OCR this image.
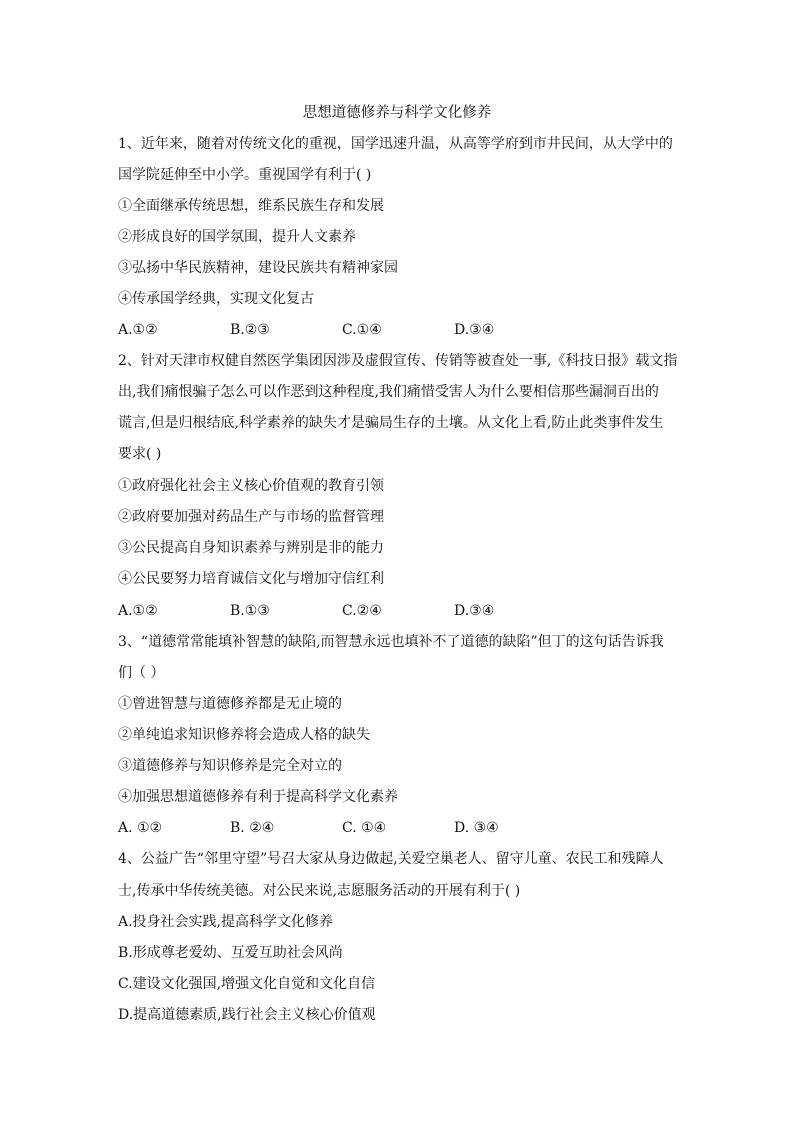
思想道德修养与科学文化修养
1、近年来，随着对传统文化的重视，国学迅速升温，从高等学府到市井民间，从大学中的
国学院延伸至中小学。重视国学有利于( )
①全面继承传统思想，维系民族生存和发展
②形成良好的国学氛围，提升人文素养
③弘扬中华民族精神，建设民族共有精神家园
④传承国学经典，实现文化复古
A.①②	B.②③	C.①④	D.③④
2、针对天津市权健自然医学集团因涉及虚假宣传、传销等被查处一事,《科技日报》载文指
出,我们痛恨骗子怎么可以作恶到这种程度,我们痛惜受害人为什么要相信那些漏洞百出的
谎言,但是归根结底,科学素养的缺失才是骗局生存的土壤。从文化上看,防止此类事件发生
要求( )
①政府强化社会主义核心价值观的教育引领
②政府要加强对药品生产与市场的监督管理
③公民提高自身知识素养与辨别是非的能力
④公民要努力培育诚信文化与增加守信红利
A.①②	B.①③	C.②④	D.③④
3、“道德常常能填补智慧的缺陷,而智慧永远也填补不了道德的缺陷”但丁的这句话告诉我
们（ ）
①曾进智慧与道德修养都是无止境的
②单纯追求知识修养将会造成人格的缺失
③道德修养与知识修养是完全对立的
④加强思想道德修养有利于提高科学文化素养
A. ①②	B. ②④	C. ①④	D. ③④
4、公益广告“邻里守望”号召大家从身边做起,关爱空巢老人、留守儿童、农民工和残障人
士,传承中华传统美德。对公民来说,志愿服务活动的开展有利于( )
A.投身社会实践,提高科学文化修养
B.形成尊老爱幼、互爱互助社会风尚
C.建设文化强国,增强文化自觉和文化自信
D.提高道德素质,践行社会主义核心价值观
